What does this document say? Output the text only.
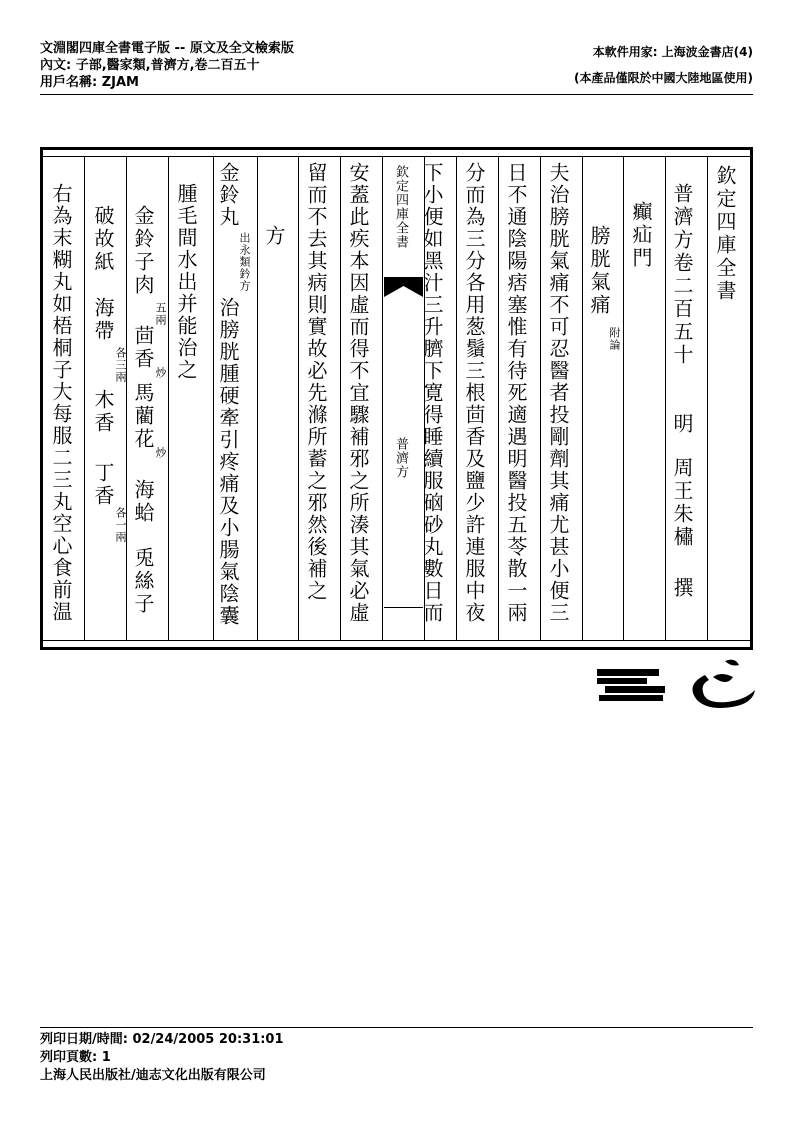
文淵閣四庫全書電子版 -- 原文及全文檢索版
內文: 子部,醫家類,普濟方,卷二百五十
用戶名稱: ZJAM
本軟件用家: 上海波金書店(4)
(本產品僅限於中國大陸地區使用)
欽定四庫全書
普濟方卷二百五十
明
周王朱橚
撰
癲疝門
膀胱氣痛
附論
夫治膀胱氣痛不可忍醫者投剛劑其痛尤甚小便三
日不通陰陽痞塞惟有待死適遇明醫投五苓散一兩
分而為三分各用葱鬚三根茴香及鹽少許連服中夜
下小便如黑汁三升臍下寛得睡續服硇砂丸數日而
欽定四庫全書
普濟方
安蓋此疾本因虛而得不宜驟補邪之所湊其氣必虛
留而不去其病則實故必先滌所蓄之邪然後補之
方
金鈴丸
出永類鈐方
治膀胱腫硬牽引疼痛及小腸氣陰囊
腫毛間水出并能治之
金鈴子肉
五兩
茴香
炒
馬藺花
炒
海蛤
兎絲子
破故紙
海帶
各三兩
木香
丁香
各一兩
右為末糊丸如梧桐子大每服二三丸空心食前温
列印日期/時間: 02/24/2005 20:31:01
列印頁數: 1
上海人民出版社/迪志文化出版有限公司
